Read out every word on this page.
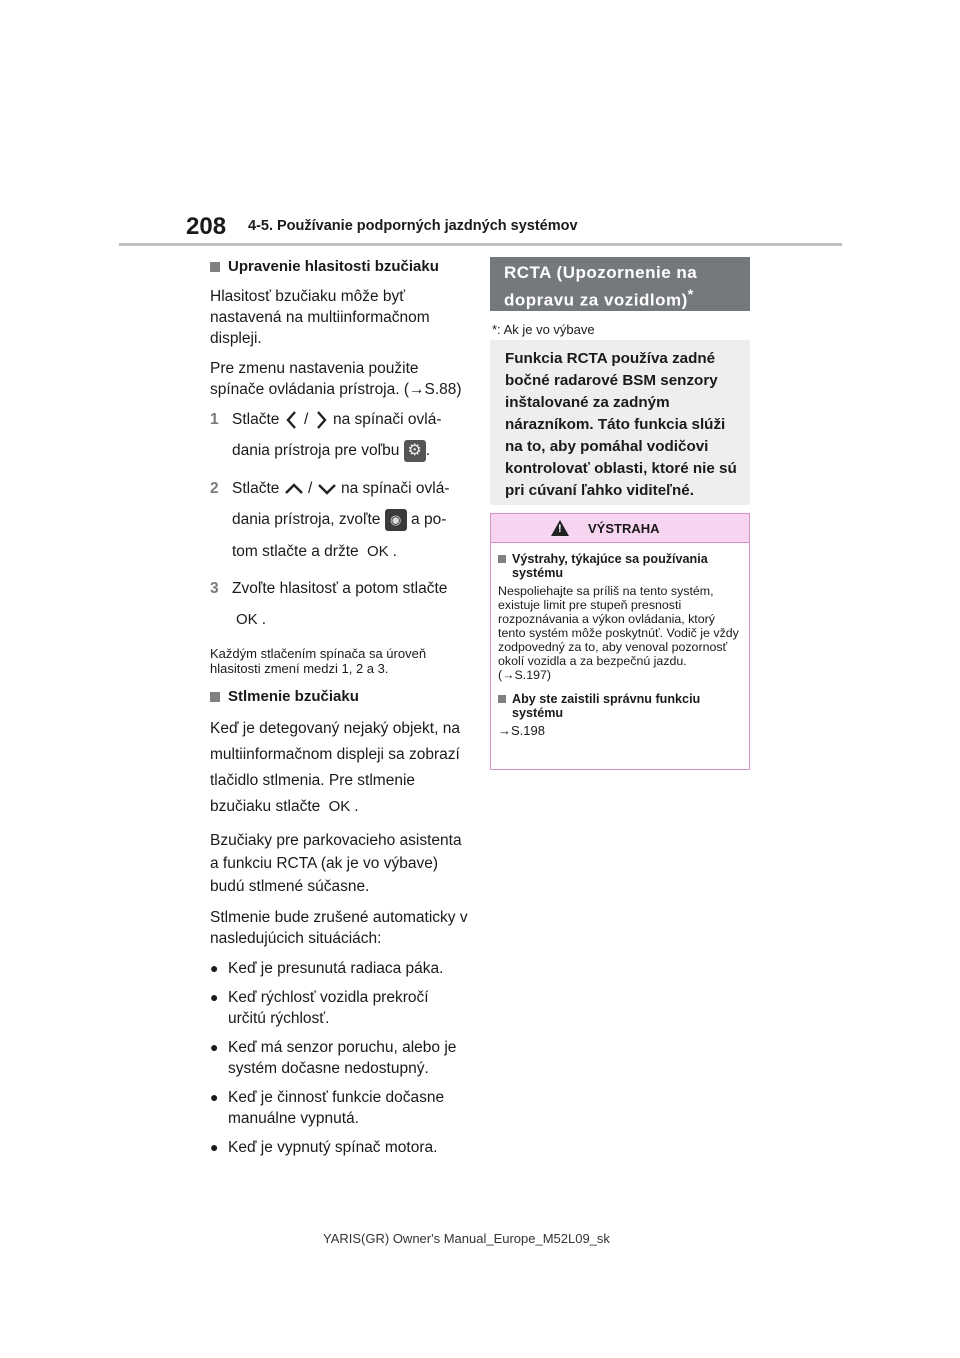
208 4-5. Používanie podporných jazdných systémov
Upravenie hlasitosti bzučiaku

Hlasitosť bzučiaku môže byť nastavená na multiinformačnom displeji.

Pre zmenu nastavenia použite spínače ovládania prístroja. (→S.88)

1 Stlačte / na spínači ovlá-
dania prístroja pre voľbu ⚙ .
2 Stlačte / na spínači ovlá-
dania prístroja, zvoľte ◉ a po-
tom stlačte a držte OK .
3 Zvoľte hlasitosť a potom stlačte
OK .
Každým stlačením spínača sa úroveň hlasitosti zmení medzi 1, 2 a 3.
Stlmenie bzučiaku

Keď je detegovaný nejaký objekt, na multiinformačnom displeji sa zobrazí tlačidlo stlmenia. Pre stlmenie bzučiaku stlačte OK .

Bzučiaky pre parkovacieho asistenta a funkciu RCTA (ak je vo výbave) budú stlmené súčasne.

Stlmenie bude zrušené automaticky v nasledujúcich situáciách:

● Keď je presunutá radiaca páka.
● Keď rýchlosť vozidla prekročí určitú rýchlosť.
● Keď má senzor poruchu, alebo je systém dočasne nedostupný.
● Keď je činnosť funkcie dočasne manuálne vypnutá.
● Keď je vypnutý spínač motora.
RCTA (Upozornenie na dopravu za vozidlom)*
*: Ak je vo výbave
Funkcia RCTA používa zadné bočné radarové BSM senzory inštalované za zadným nárazníkom. Táto funkcia slúži na to, aby pomáhal vodičovi kontrolovať oblasti, ktoré nie sú pri cúvaní ľahko viditeľné.
! VÝSTRAHA
Výstrahy, týkajúce sa používania systému

Nespoliehajte sa príliš na tento systém, existuje limit pre stupeň presnosti rozpoznávania a výkon ovládania, ktorý tento systém môže poskytnúť. Vodič je vždy zodpovedný za to, aby venoval pozornosť okolí vozidla a za bezpečnú jazdu. (→S.197)

Aby ste zaistili správnu funkciu systému

→S.198

YARIS(GR) Owner's Manual_Europe_M52L09_sk
